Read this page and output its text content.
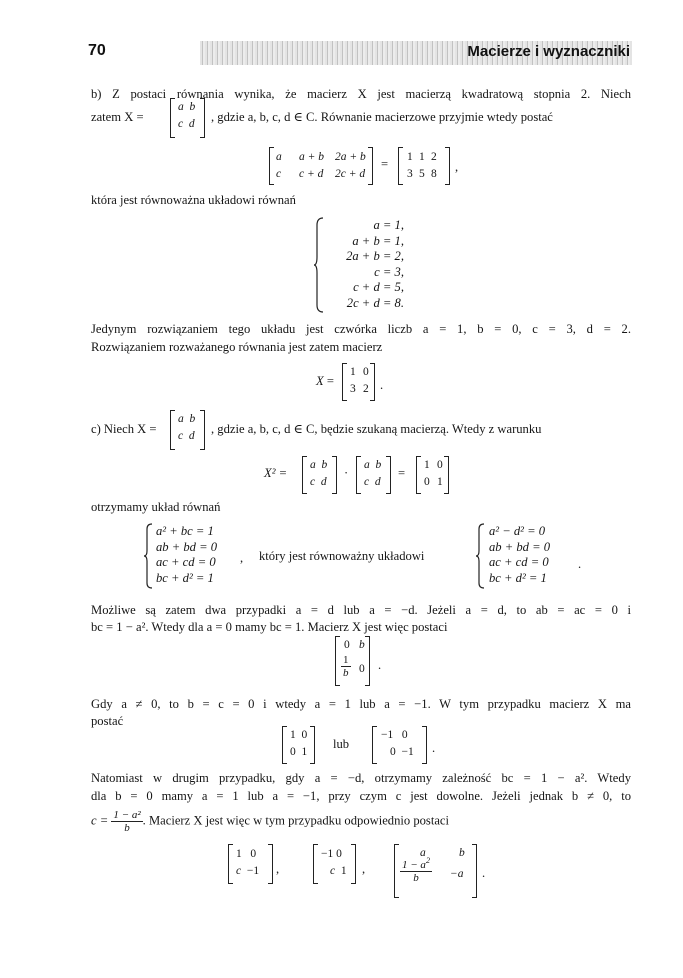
70	Macierze i wyznaczniki
b) Z postaci równania wynika, że macierz X jest macierzą kwadratową stopnia 2. Niech
zatem X =
a  b
c  d , gdzie a, b, c, d ∈ C. Równanie macierzowe przyjmie wtedy postać
a a + b 2a + b
c c + d 2c + d
= 1 1 2
3 5 8 ,
która jest równoważna układowi równań
a = 1,
a + b = 1,
2a + b = 2,
c = 3,
c + d = 5,
2c + d = 8.
Jedynym rozwiązaniem tego układu jest czwórka liczb a = 1, b = 0, c = 3, d = 2.
Rozwiązaniem rozważanego równania jest zatem macierz
X =
1 0
3 2 .
c) Niech X =
a  b
c  d , gdzie a, b, c, d ∈ C, będzie szukaną macierzą. Wtedy z warunku
X² =
a  b
c  d
·
a  b
c  d
=
1 0
0 1
otrzymamy układ równań
a² + bc = 1
ab + bd = 0
ac + cd = 0
bc + d² = 1
, który jest równoważny układowi
a² − d² = 0
ab + bd = 0
ac + cd = 0
bc + d² = 1
.
Możliwe są zatem dwa przypadki a = d lub a = −d. Jeżeli a = d, to ab = ac = 0 i
bc = 1 − a². Wtedy dla a = 0 mamy bc = 1. Macierz X jest więc postaci
0 b
$\frac{1}{b} 0$ .
Gdy a ≠ 0, to b = c = 0 i wtedy a = 1 lub a = −1. W tym przypadku macierz X ma
postać
1  0
0  1
lub
−1   0
0  −1 .
Natomiast w drugim przypadku, gdy a = −d, otrzymamy zależność bc = 1 − a². Wtedy
dla b = 0 mamy a = 1 lub a = −1, przy czym c jest dowolne. Jeżeli jednak b ≠ 0, to
$c = \frac{\text{1 − a²}}{b}$ . Macierz X jest więc w tym przypadku odpowiednio postaci
1   0
c  −1 ,
−1 0
c  1 ,
a	b
$\frac{1 - a^2}{b} -a$ .
